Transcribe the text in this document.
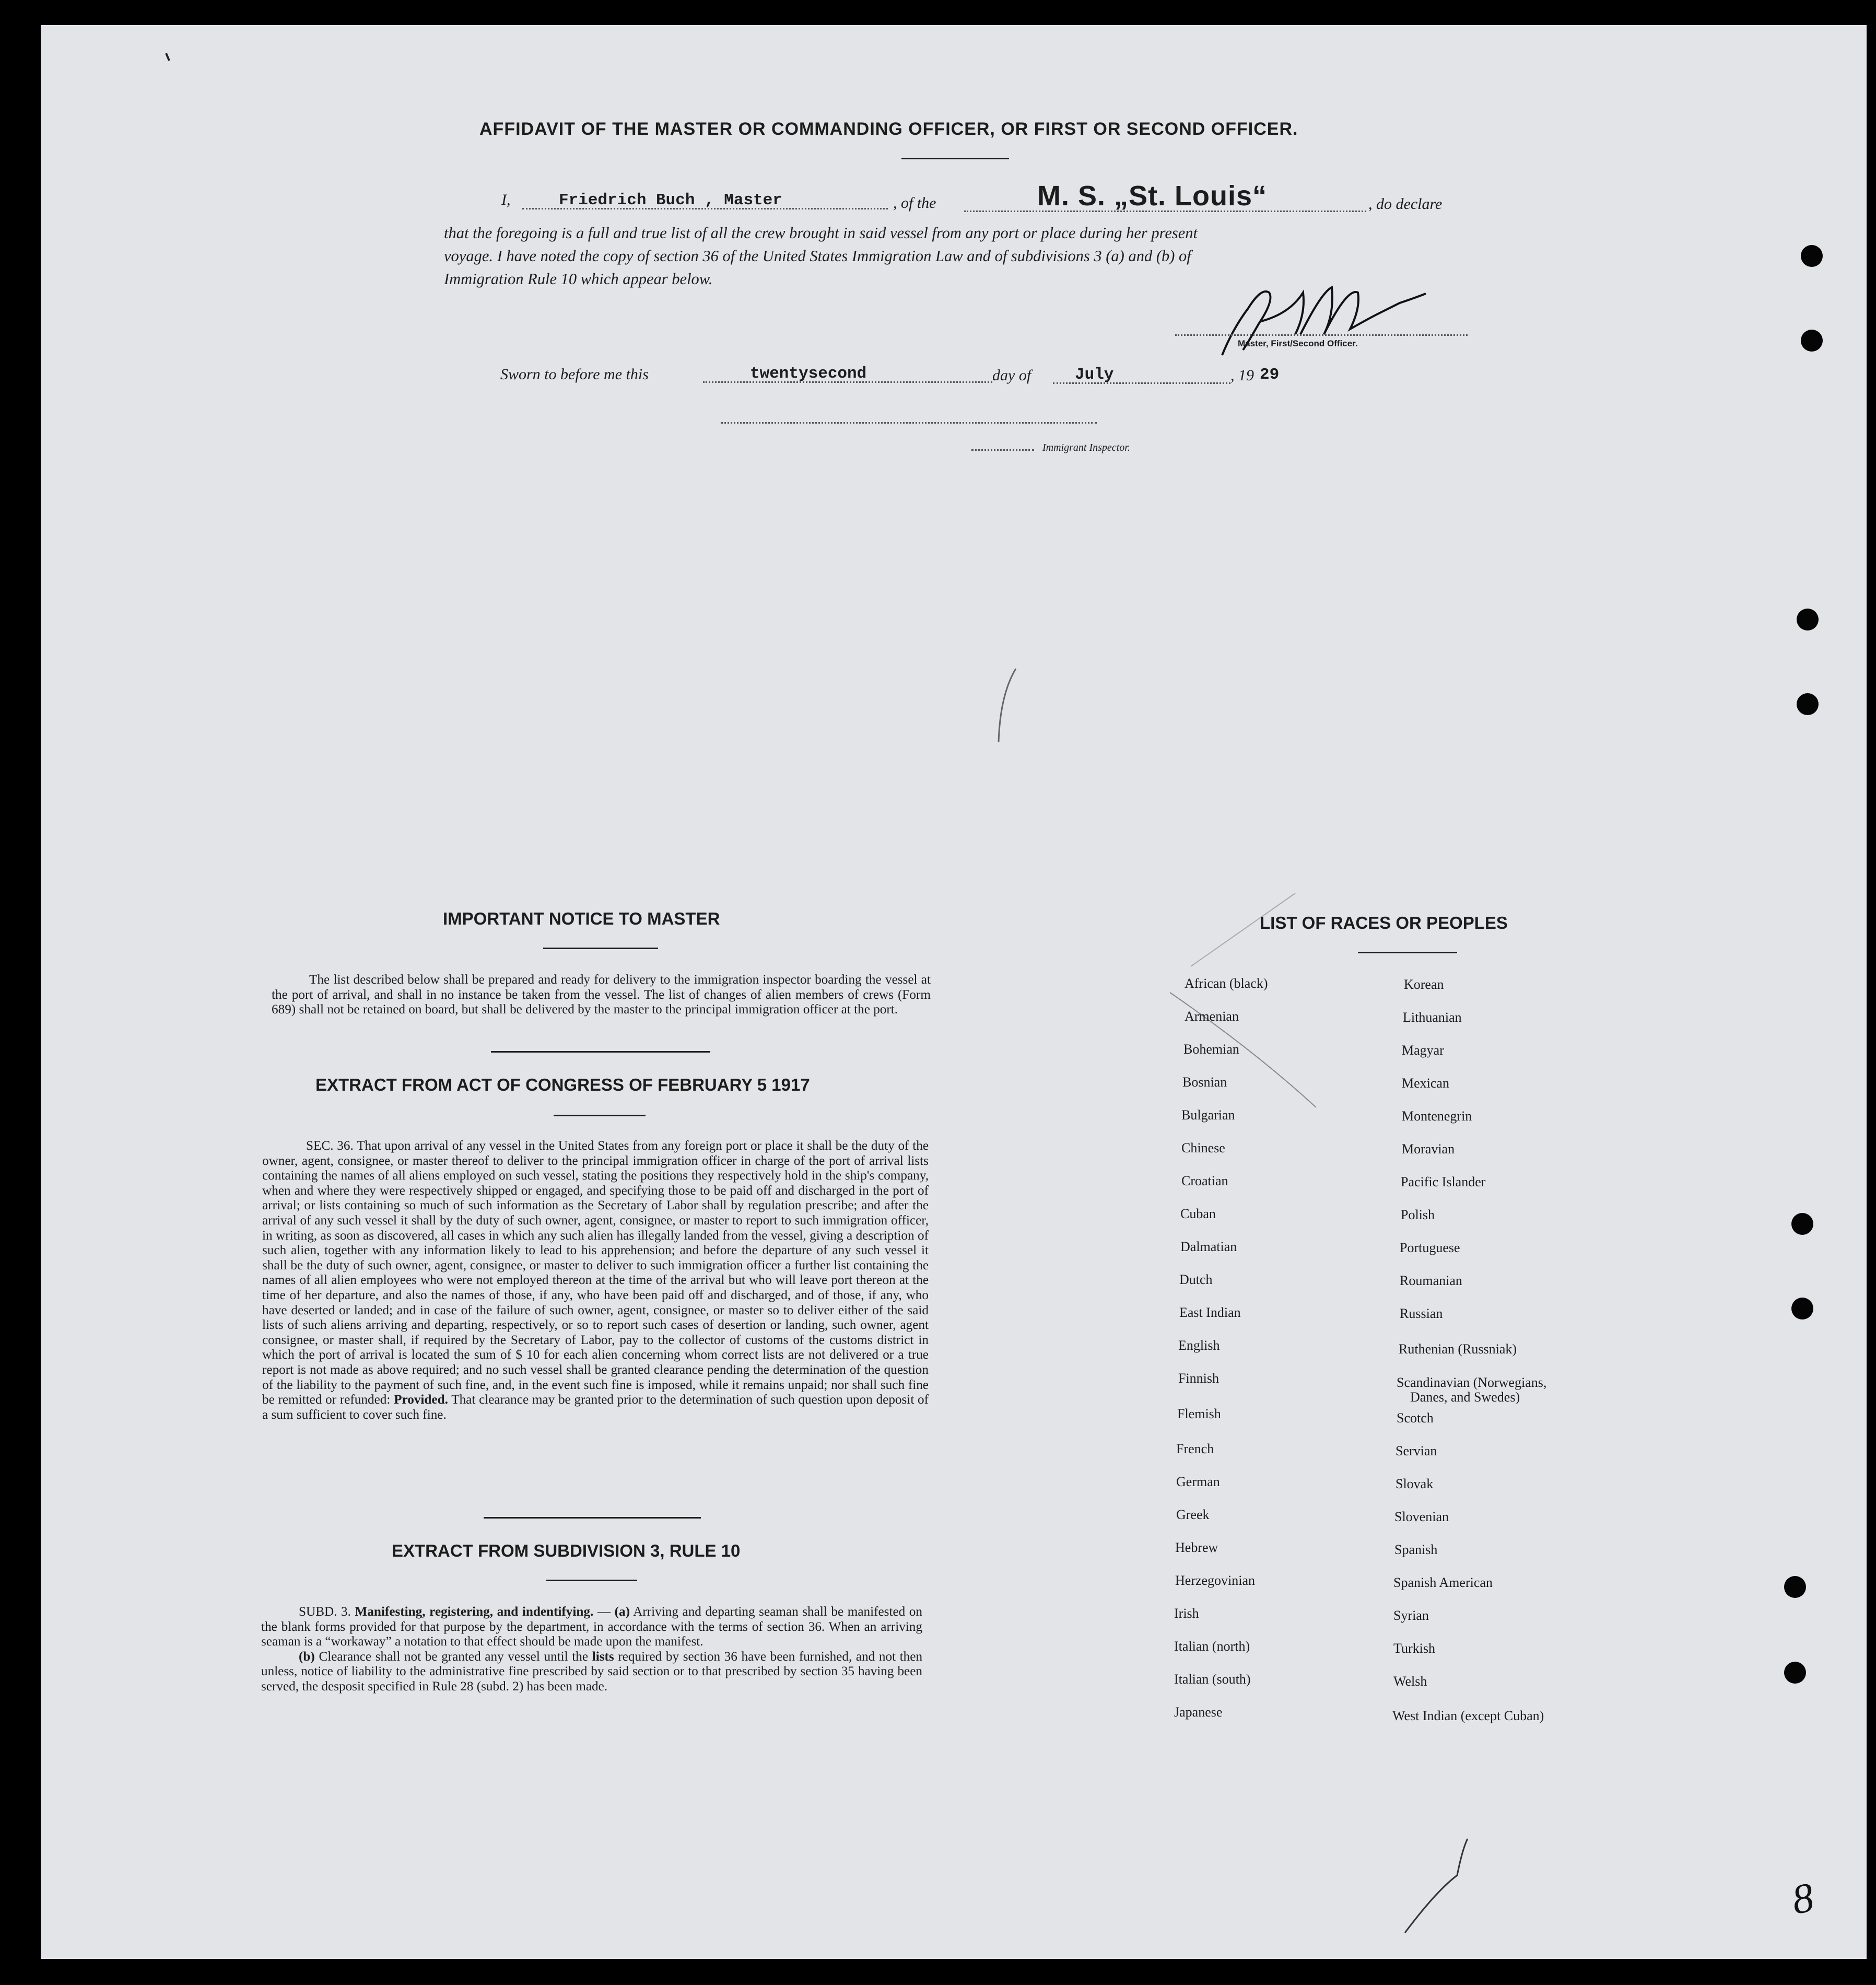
AFFIDAVIT OF THE MASTER OR COMMANDING OFFICER, OR FIRST OR SECOND OFFICER.
I,	Friedrich Buch , Master	, of the	M. S. „St. Louis“	, do declare
that the foregoing is a full and true list of all the crew brought in said vessel from any port or place during her present
voyage. I have noted the copy of section 36 of the United States Immigration Law and of subdivisions 3 (a) and (b) of
Immigration Rule 10 which appear below.
Master, First/Second Officer.
Sworn to before me this	twentysecond	day of	July	, 19 29
Immigrant Inspector.
IMPORTANT NOTICE TO MASTER

The list described below shall be prepared and ready for delivery to the immigration inspector boarding the vessel at the port of arrival, and shall in no instance be taken from the vessel. The list of changes of alien members of crews (Form 689) shall not be retained on board, but shall be delivered by the master to the principal immigration officer at the port.

EXTRACT FROM ACT OF CONGRESS OF FEBRUARY 5 1917

SEC. 36. That upon arrival of any vessel in the United States from any foreign port or place it shall be the duty of the owner, agent, consignee, or master thereof to deliver to the principal immigration officer in charge of the port of arrival lists containing the names of all aliens employed on such vessel, stating the positions they respectively hold in the ship's company, when and where they were respectively shipped or engaged, and specifying those to be paid off and discharged in the port of arrival; or lists containing so much of such information as the Secretary of Labor shall by regulation prescribe; and after the arrival of any such vessel it shall by the duty of such owner, agent, consignee, or master to report to such immigration officer, in writing, as soon as discovered, all cases in which any such alien has illegally landed from the vessel, giving a description of such alien, together with any information likely to lead to his apprehension; and before the departure of any such vessel it shall be the duty of such owner, agent, consignee, or master to deliver to such immigration officer a further list containing the names of all alien employees who were not employed thereon at the time of the arrival but who will leave port thereon at the time of her departure, and also the names of those, if any, who have been paid off and discharged, and of those, if any, who have deserted or landed; and in case of the failure of such owner, agent, consignee, or master so to deliver either of the said lists of such aliens arriving and departing, respectively, or so to report such cases of desertion or landing, such owner, agent consignee, or master shall, if required by the Secretary of Labor, pay to the collector of customs of the customs district in which the port of arrival is located the sum of $ 10 for each alien concerning whom correct lists are not delivered or a true report is not made as above required; and no such vessel shall be granted clearance pending the determination of the question of the liability to the payment of such fine, and, in the event such fine is imposed, while it remains unpaid; nor shall such fine be remitted or refunded: Provided. That clearance may be granted prior to the determination of such question upon deposit of a sum sufficient to cover such fine.

EXTRACT FROM SUBDIVISION 3, RULE 10

SUBD. 3. Manifesting, registering, and indentifying. — (a) Arriving and departing seaman shall be manifested on the blank forms provided for that purpose by the department, in accordance with the terms of section 36. When an arriving seaman is a “workaway” a notation to that effect should be made upon the manifest.

(b) Clearance shall not be granted any vessel until the lists required by section 36 have been furnished, and not then unless, notice of liability to the administrative fine prescribed by said section or to that prescribed by section 35 having been served, the desposit specified in Rule 28 (subd. 2) has been made.

LIST OF RACES OR PEOPLES
African (black)
Armenian
Bohemian
Bosnian
Bulgarian
Chinese
Croatian
Cuban
Dalmatian
Dutch
East Indian
English
Finnish
Flemish
French
German
Greek
Hebrew
Herzegovinian
Irish
Italian (north)
Italian (south)
Japanese
Korean
Lithuanian
Magyar
Mexican
Montenegrin
Moravian
Pacific Islander
Polish
Portuguese
Roumanian
Russian
Ruthenian (Russniak)
Scandinavian (Norwegians,
Danes, and Swedes)
Scotch
Servian
Slovak
Slovenian
Spanish
Spanish American
Syrian
Turkish
Welsh
West Indian (except Cuban)
8
